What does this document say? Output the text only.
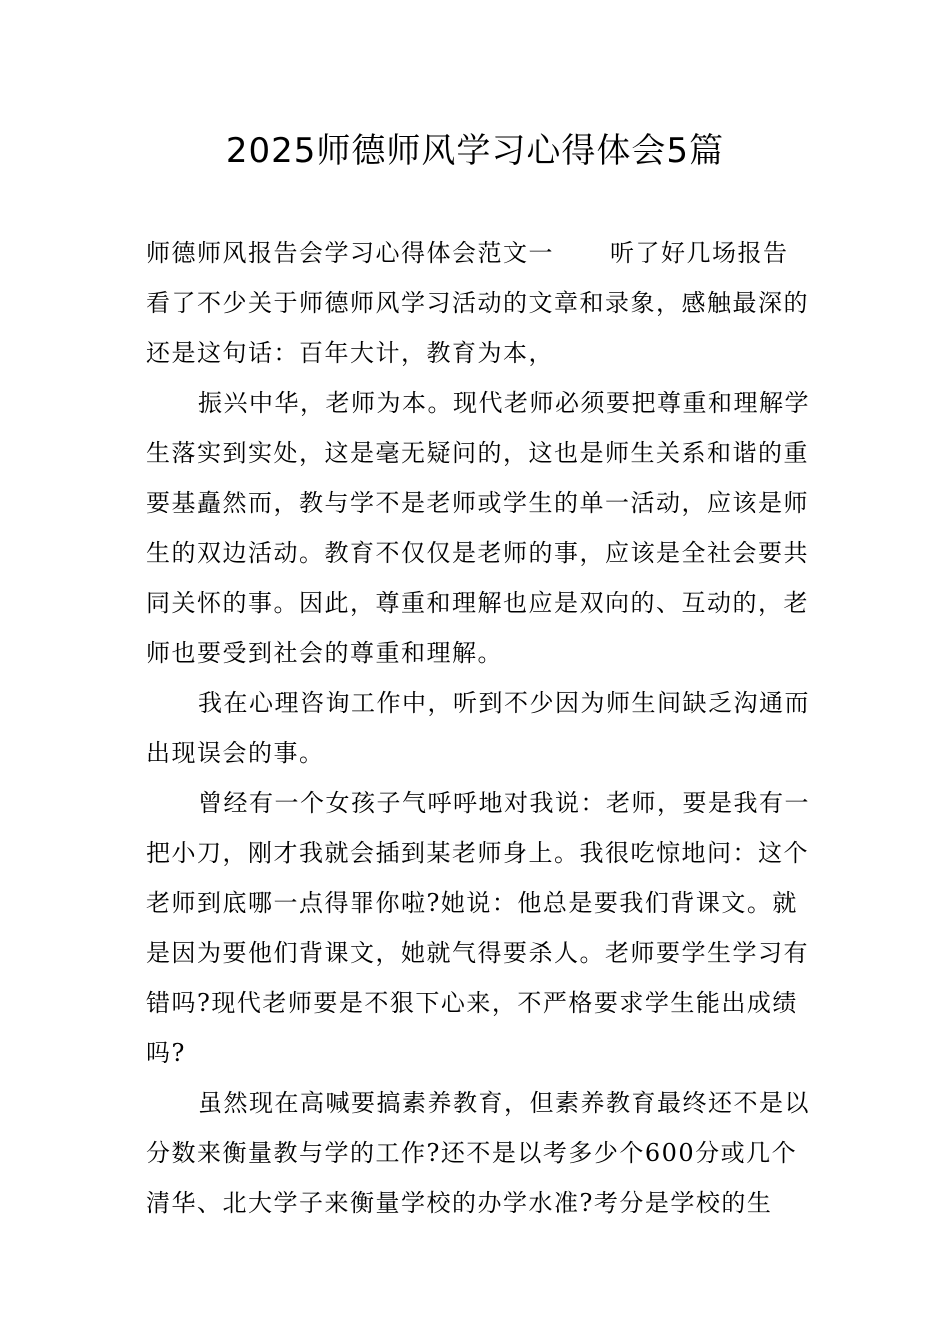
2025师德师风学习心得体会5篇

师德师风报告会学习心得体会范文一 听了好几场报告看了不少关于师德师风学习活动的文章和录象，感触最深的还是这句话：百年大计，教育为本，

振兴中华，老师为本。现代老师必须要把尊重和理解学生落实到实处，这是毫无疑问的，这也是师生关系和谐的重要基矗然而，教与学不是老师或学生的单一活动，应该是师生的双边活动。教育不仅仅是老师的事，应该是全社会要共同关怀的事。因此，尊重和理解也应是双向的、互动的，老师也要受到社会的尊重和理解。

我在心理咨询工作中，听到不少因为师生间缺乏沟通而出现误会的事。

曾经有一个女孩子气呼呼地对我说：老师，要是我有一把小刀，刚才我就会插到某老师身上。我很吃惊地问：这个老师到底哪一点得罪你啦?她说：他总是要我们背课文。就是因为要他们背课文，她就气得要杀人。老师要学生学习有错吗?现代老师要是不狠下心来，不严格要求学生能出成绩吗?

虽然现在高喊要搞素养教育，但素养教育最终还不是以分数来衡量教与学的工作?还不是以考多少个600分或几个清华、北大学子来衡量学校的办学水准?考分是学校的生
